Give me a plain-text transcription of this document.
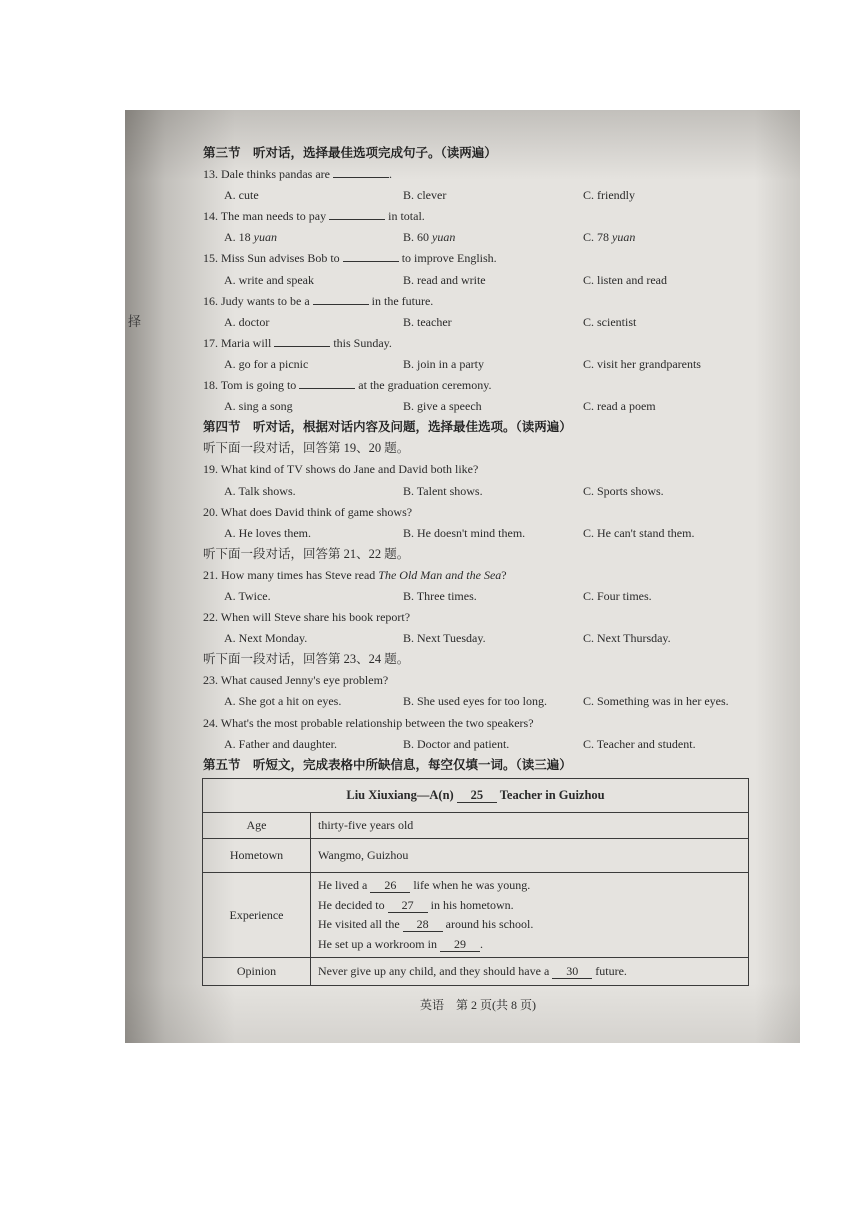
择
第三节　听对话，选择最佳选项完成句子。（读两遍）
13. Dale thinks pandas are	.
A. cute	B. clever	C. friendly
14. The man needs to pay	in total.
A. 18 yuan	B. 60 yuan	C. 78 yuan
15. Miss Sun advises Bob to	to improve English.
A. write and speak	B. read and write	C. listen and read
16. Judy wants to be a	in the future.
A. doctor	B. teacher	C. scientist
17. Maria will	this Sunday.
A. go for a picnic	B. join in a party	C. visit her grandparents
18. Tom is going to	at the graduation ceremony.
A. sing a song	B. give a speech	C. read a poem
第四节　听对话，根据对话内容及问题，选择最佳选项。（读两遍）
听下面一段对话，回答第 19、20 题。
19. What kind of TV shows do Jane and David both like?
A. Talk shows.	B. Talent shows.	C. Sports shows.
20. What does David think of game shows?
A. He loves them.	B. He doesn't mind them.	C. He can't stand them.
听下面一段对话，回答第 21、22 题。
21. How many times has Steve read The Old Man and the Sea?
A. Twice.	B. Three times.	C. Four times.
22. When will Steve share his book report?
A. Next Monday.	B. Next Tuesday.	C. Next Thursday.
听下面一段对话，回答第 23、24 题。
23. What caused Jenny's eye problem?
A. She got a hit on eyes.	B. She used eyes for too long.	C. Something was in her eyes.
24. What's the most probable relationship between the two speakers?
A. Father and daughter.	B. Doctor and patient.	C. Teacher and student.
第五节　听短文，完成表格中所缺信息，每空仅填一词。（读三遍）
Liu Xiuxiang—A(n) 25 Teacher in Guizhou	
Age	thirty-five years old
Hometown	Wangmo, Guizhou
Experience	He lived a 26 life when he was young.
He decided to 27 in his hometown.
He visited all the 28 around his school.
He set up a workroom in 29 .

Opinion	Never give up any child, and they should have a 30 future.
英语　第 2 页(共 8 页)
